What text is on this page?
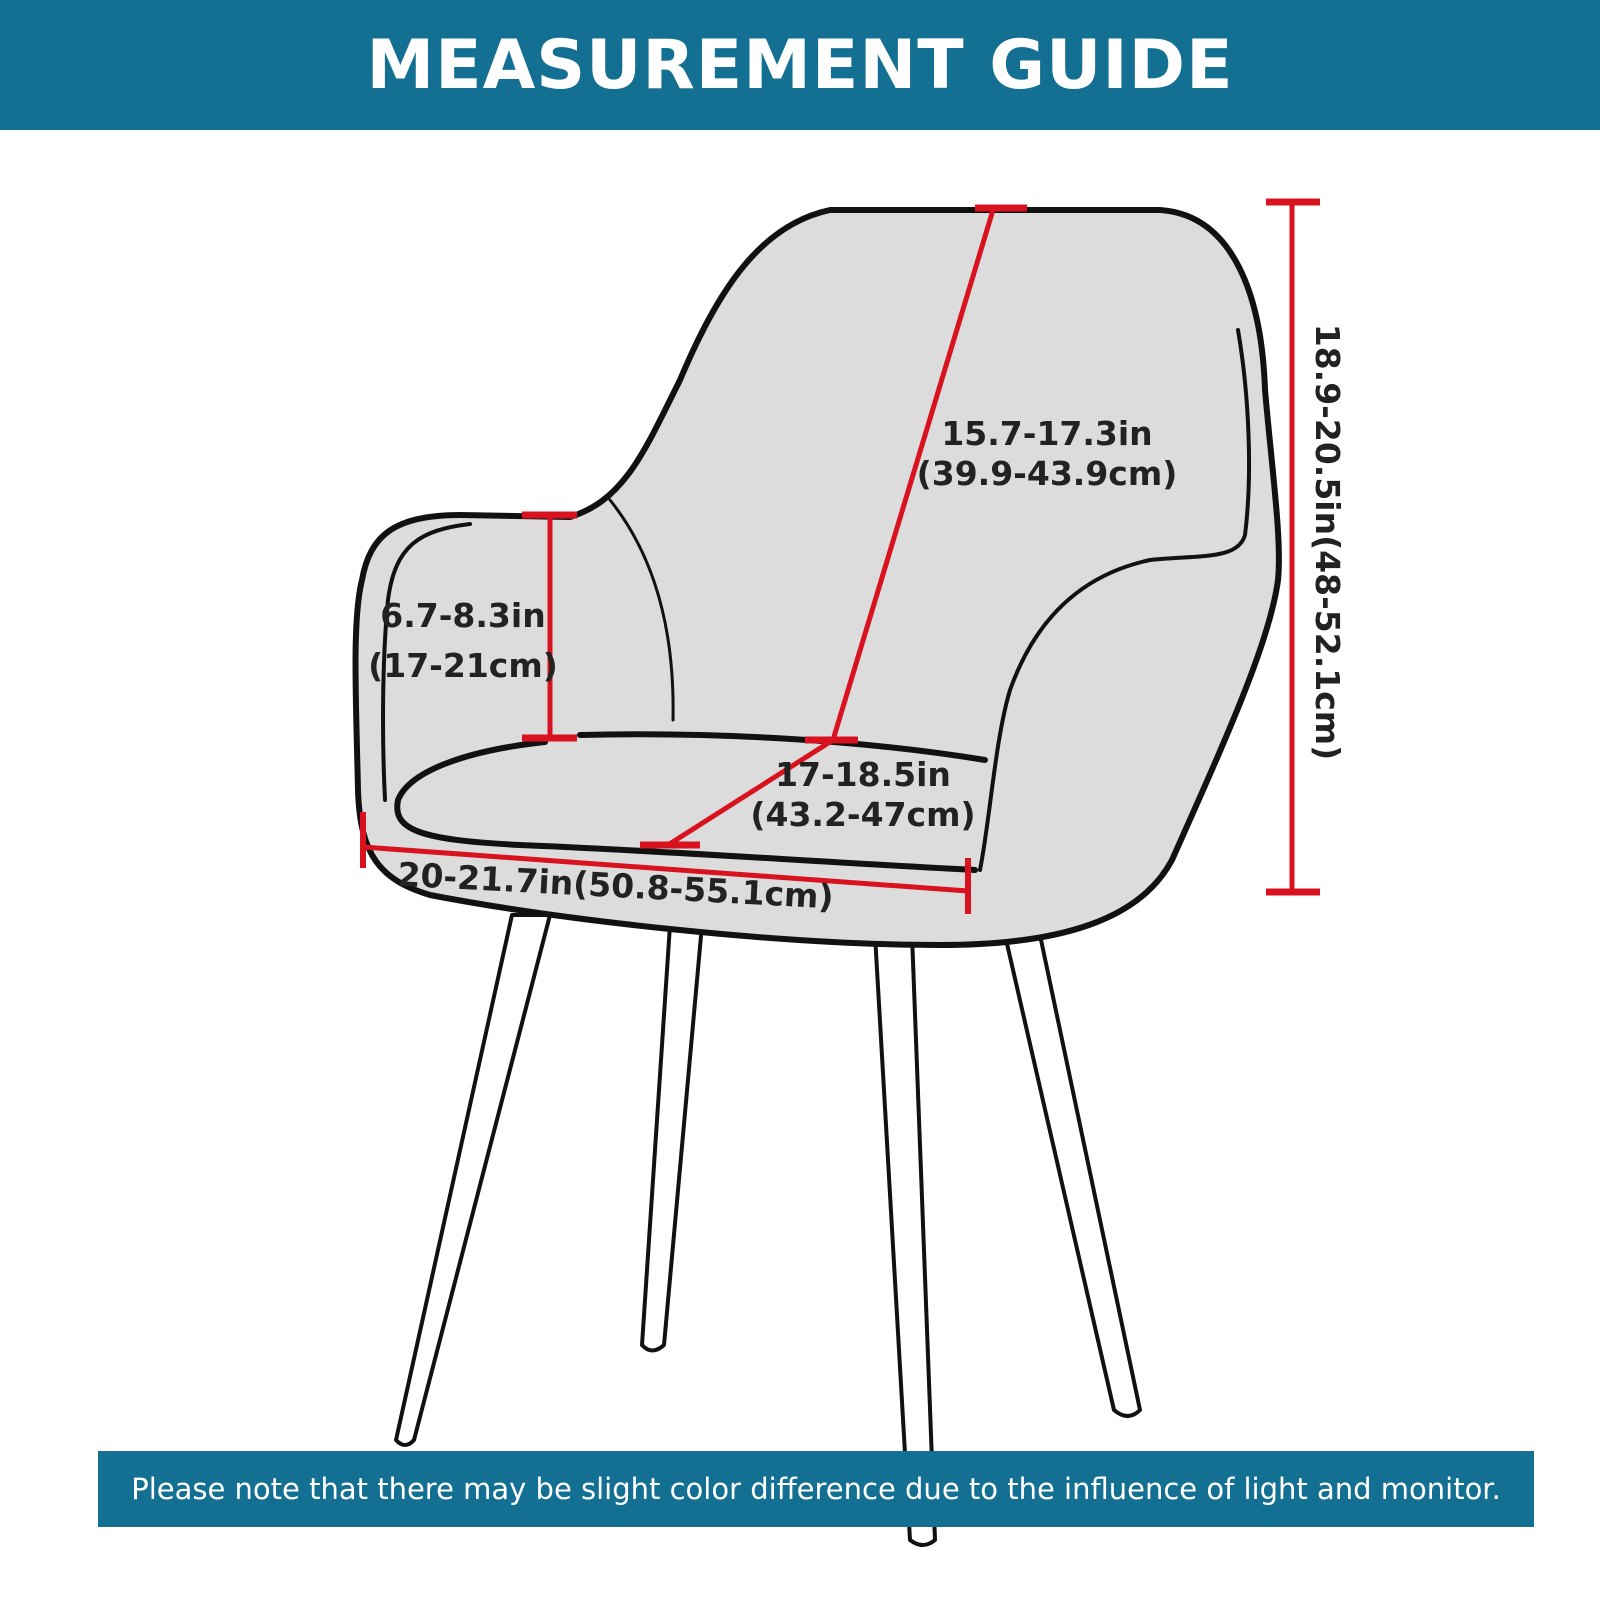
MEASUREMENT GUIDE
15.7-17.3in
(39.9-43.9cm)	18.9-20.5in(48-52.1cm)
6.7-8.3in
(17-21cm)
17-18.5in
(43.2-47cm)
20-21.7in(50.8-55.1cm)
Please note that there may be slight color difference due to the influence of light and monitor.
